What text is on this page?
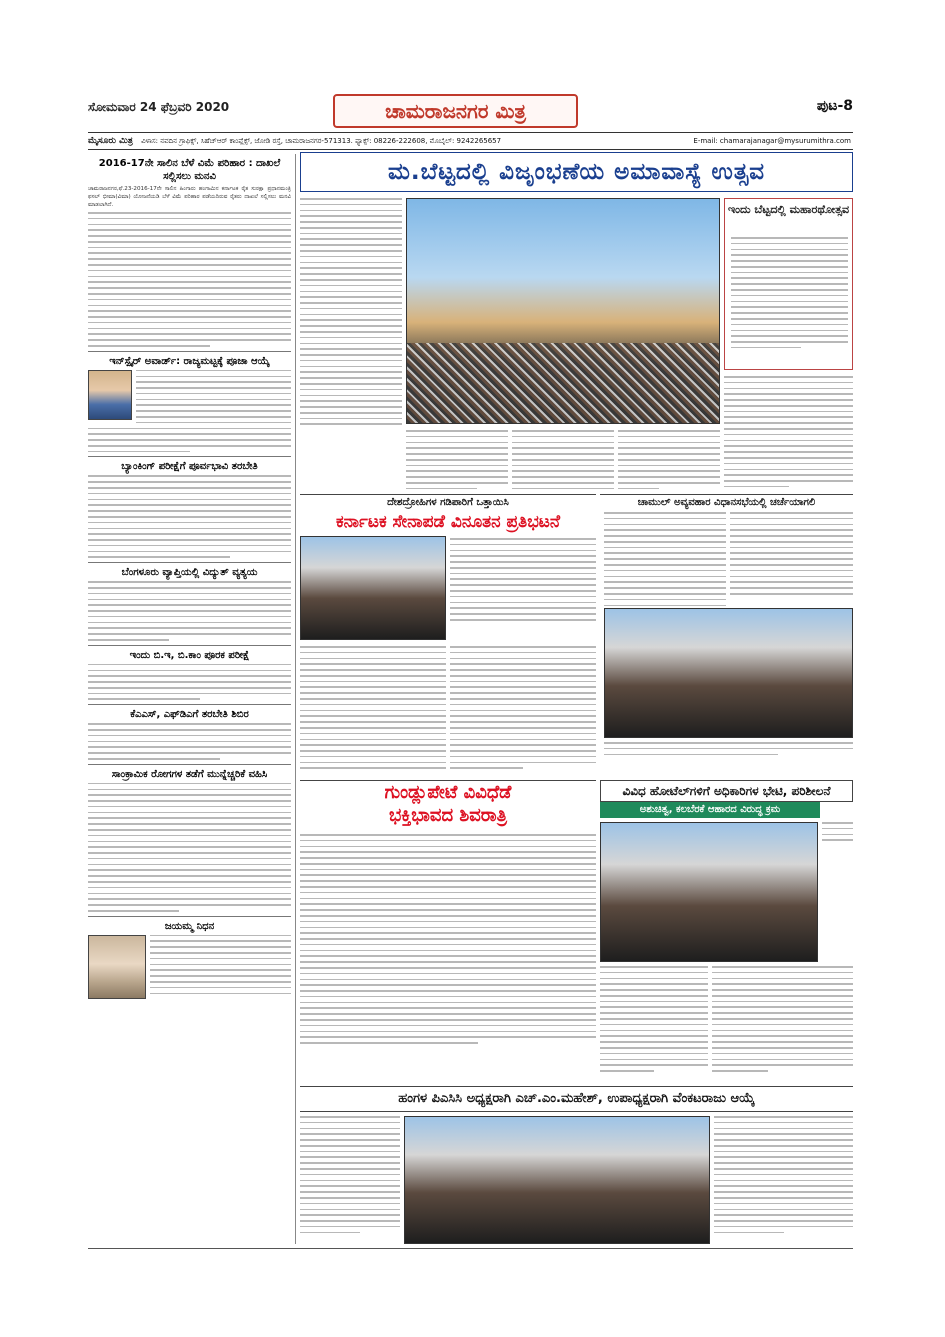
ಸೋಮವಾರ 24 ಫೆಬ್ರವರಿ 2020	ಚಾಮರಾಜನಗರ ಮಿತ್ರ	ಪುಟ-8
ಮೈಸೂರು ಮಿತ್ರ ವಿಳಾಸ: ನವದಿನ ಗ್ರಾಫಿಕ್ಸ್, ಸಿಹೆಚ್‌ಆರ್ ಕಾಂಪ್ಲೆಕ್ಸ್, ಜೋಡಿ ರಸ್ತೆ, ಚಾಮರಾಜನಗರ-571313. ಫ್ಯಾಕ್ಸ್: 08226-222608, ಮೊಬೈಲ್: 9242265657	E-mail: chamarajanagar@mysurumithra.com
2016-17ನೇ ಸಾಲಿನ ಬೆಳೆ ವಿಮೆ ಪರಿಹಾರ : ದಾಖಲೆ ಸಲ್ಲಿಸಲು ಮನವಿ
ಚಾಮರಾಜನಗರ,ಫೆ.23-2016-17ನೇ ಸಾಲಿನ ಹಿಂಗಾರು ಹಂಗಾಮಿನ ಕರ್ನಾಟಕ ರೈತ ಸುರಕ್ಷಾ ಪ್ರಧಾನಮಂತ್ರಿ ಫಸಲ್ ಭೀಮಾ(ವಿಮಾ) ಯೋಜನೆಯಡಿ ಬೆಳೆ ವಿಮೆ ಪರಿಹಾರ ಪಡೆಯದಿರುವ ರೈತರು ದಾಖಲೆ ಸಲ್ಲಿಸಲು ಮನವಿ ಮಾಡಲಾಗಿದೆ.
ಇನ್‌ಸ್ಪೈರ್ ಅವಾರ್ಡ್: ರಾಜ್ಯಮಟ್ಟಕ್ಕೆ ಪೂಜಾ ಆಯ್ಕೆ
ಬ್ಯಾಂಕಿಂಗ್ ಪರೀಕ್ಷೆಗೆ ಪೂರ್ವಭಾವಿ ತರಬೇತಿ
ಬೆಂಗಳೂರು ವ್ಯಾಪ್ತಿಯಲ್ಲಿ ವಿದ್ಯುತ್ ವ್ಯತ್ಯಯ
ಇಂದು ಬಿ.ಇ, ಬಿ.ಕಾಂ ಪೂರಕ ಪರೀಕ್ಷೆ
ಕೆಎಎಸ್, ಎಫ್‌ಡಿಎಗೆ ತರಬೇತಿ ಶಿಬಿರ
ಸಾಂಕ್ರಾಮಿಕ ರೋಗಗಳ ತಡೆಗೆ ಮುನ್ನೆಚ್ಚರಿಕೆ ವಹಿಸಿ
ಜಯಮ್ಮ ನಿಧನ
ಮ.ಬೆಟ್ಟದಲ್ಲಿ ವಿಜೃಂಭಣೆಯ ಅಮಾವಾಸ್ಯೆ ಉತ್ಸವ
ಇಂದು ಬೆಟ್ಟದಲ್ಲಿ ಮಹಾರಥೋತ್ಸವ
ದೇಶದ್ರೋಹಿಗಳ ಗಡಿಪಾರಿಗೆ ಒತ್ತಾಯಿಸಿ
ಕರ್ನಾಟಕ ಸೇನಾಪಡೆ ವಿನೂತನ ಪ್ರತಿಭಟನೆ
ಚಾಮುಲ್ ಅವ್ಯವಹಾರ ವಿಧಾನಸಭೆಯಲ್ಲಿ ಚರ್ಚೆಯಾಗಲಿ
ಗುಂಡ್ಲುಪೇಟೆ ವಿವಿಧೆಡೆ
ಭಕ್ತಿಭಾವದ ಶಿವರಾತ್ರಿ
ವಿವಿಧ ಹೋಟೆಲ್‌ಗಳಿಗೆ ಅಧಿಕಾರಿಗಳ ಭೇಟಿ, ಪರಿಶೀಲನೆ
ಅಶುಚಿತ್ವ, ಕಲಬೆರಕೆ ಆಹಾರದ ವಿರುದ್ಧ ಕ್ರಮ
ಹಂಗಳ ಪಿಎಸಿಸಿ ಅಧ್ಯಕ್ಷರಾಗಿ ಎಚ್.ಎಂ.ಮಹೇಶ್, ಉಪಾಧ್ಯಕ್ಷರಾಗಿ ವೆಂಕಟರಾಜು ಆಯ್ಕೆ
